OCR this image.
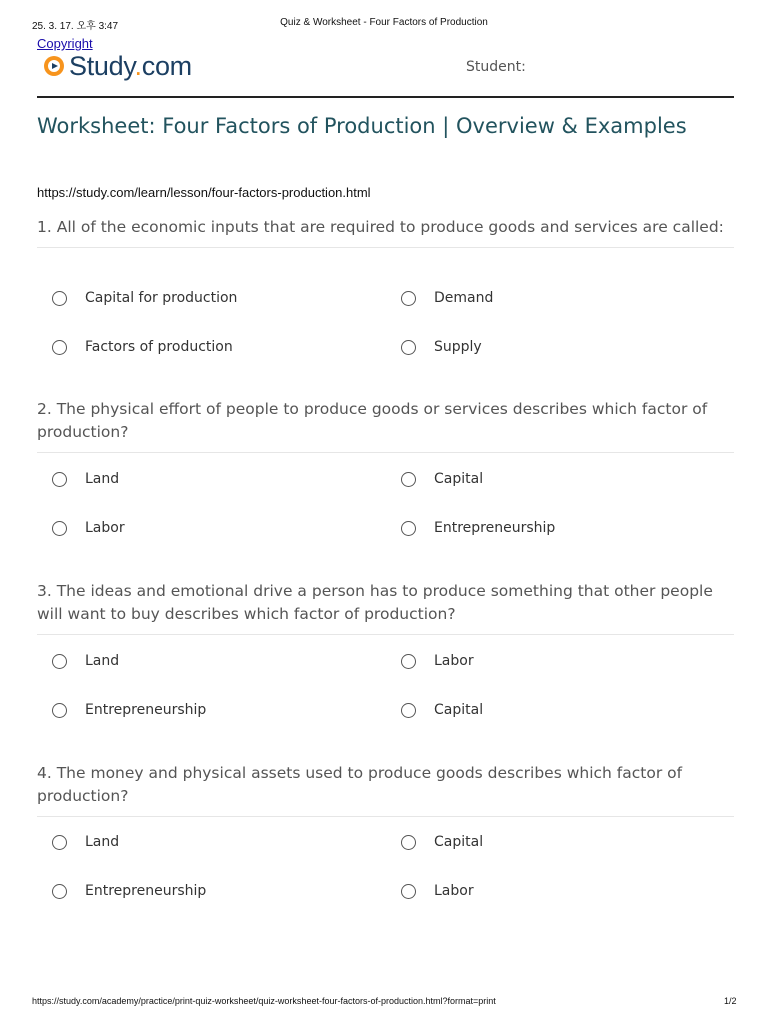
25. 3. 17. 오후 3:47	Quiz & Worksheet - Four Factors of Production
Copyright
Study.com	Student:
Worksheet: Four Factors of Production | Overview & Examples
https://study.com/learn/lesson/four-factors-production.html

1. All of the economic inputs that are required to produce goods and services are called:

Capital for production	Demand
Factors of production	Supply

2. The physical effort of people to produce goods or services describes which factor of production?

Land	Capital
Labor	Entrepreneurship

3. The ideas and emotional drive a person has to produce something that other people will want to buy describes which factor of production?

Land	Labor
Entrepreneurship	Capital

4. The money and physical assets used to produce goods describes which factor of production?

Land	Capital
Entrepreneurship	Labor
https://study.com/academy/practice/print-quiz-worksheet/quiz-worksheet-four-factors-of-production.html?format=print	1/2
